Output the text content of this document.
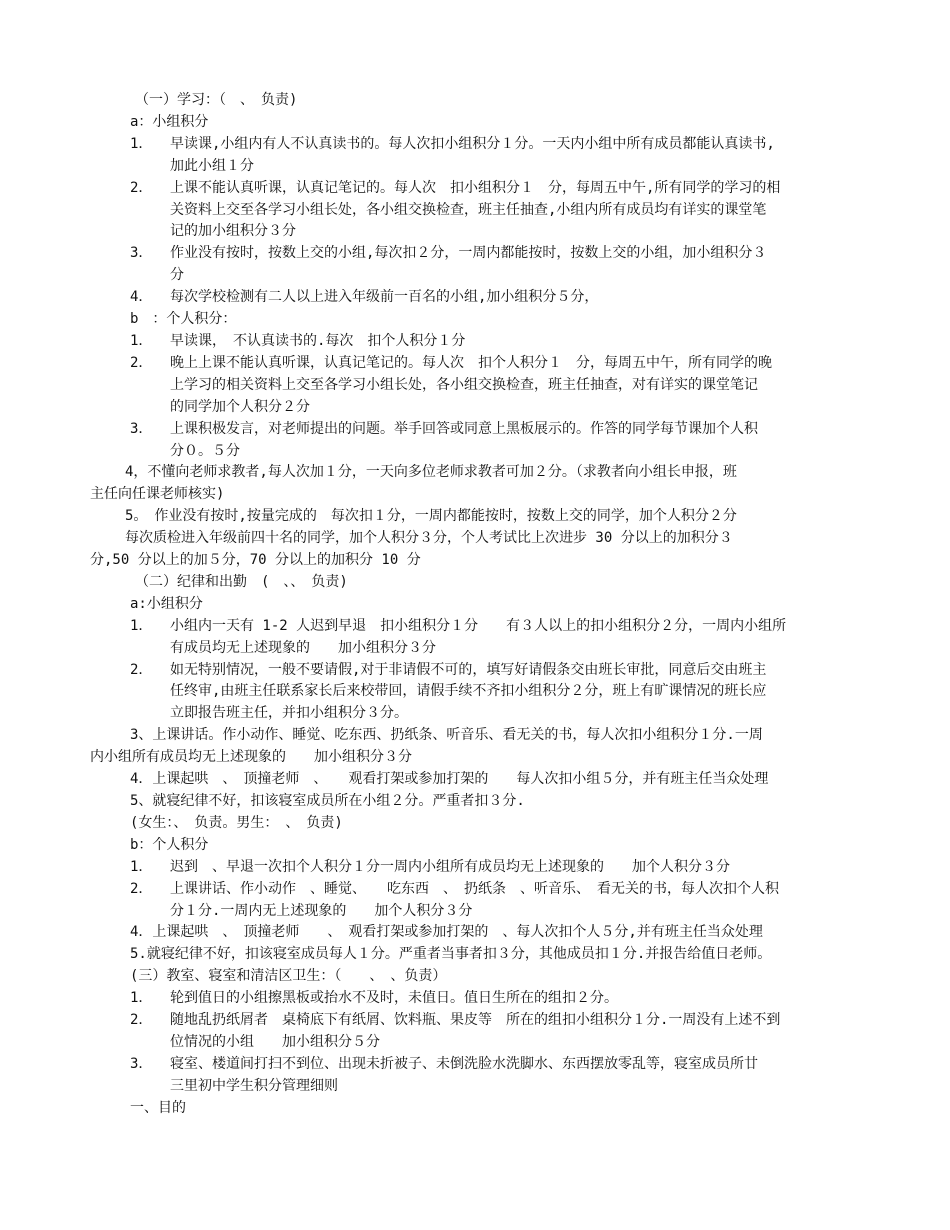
（一）学习：（　、　负责)
a：小组积分
1．	早读课,小组内有人不认真读书的。每人次扣小组积分１分。一天内小组中所有成员都能认真读书,
加此小组１分
2．	上课不能认真听课，认真记笔记的。每人次　扣小组积分１　分，每周五中午,所有同学的学习的相
关资料上交至各学习小组长处，各小组交换检查，班主任抽查,小组内所有成员均有详实的课堂笔
记的加小组积分３分
3．	作业没有按时，按数上交的小组,每次扣２分，一周内都能按时，按数上交的小组，加小组积分３
分
4．	每次学校检测有二人以上进入年级前一百名的小组,加小组积分５分，
b　：个人积分：
1．	早读课，　不认真读书的.每次　扣个人积分１分
2．	晚上上课不能认真听课，认真记笔记的。每人次　扣个人积分１　分，每周五中午，所有同学的晚
上学习的相关资料上交至各学习小组长处，各小组交换检查，班主任抽查，对有详实的课堂笔记
的同学加个人积分２分
3．	上课积极发言，对老师提出的问题。举手回答或同意上黑板展示的。作答的同学每节课加个人积
分０。５分
4，不懂向老师求教者,每人次加１分，一天向多位老师求教者可加２分。（求教者向小组长申报，班
主任向任课老师核实)
5。　作业没有按时,按量完成的　每次扣１分，一周内都能按时，按数上交的同学，加个人积分２分
每次质检进入年级前四十名的同学，加个人积分３分，个人考试比上次进步 30 分以上的加积分３
分,50 分以上的加５分，70 分以上的加积分 10 分
（二）纪律和出勤　(　、、　负责)
a:小组积分
1．	小组内一天有 1-2 人迟到早退　扣小组积分１分　　有３人以上的扣小组积分２分，一周内小组所
有成员均无上述现象的　　加小组积分３分
2．	如无特别情况，一般不要请假,对于非请假不可的，填写好请假条交由班长审批，同意后交由班主
任终审,由班主任联系家长后来校带回，请假手续不齐扣小组积分２分，班上有旷课情况的班长应
立即报告班主任，并扣小组积分３分。
3、上课讲话。作小动作、睡觉、吃东西、扔纸条、听音乐、看无关的书，每人次扣小组积分１分.一周
内小组所有成员均无上述现象的　　加小组积分３分
4．上课起哄　、　顶撞老师　、　　观看打架或参加打架的　　每人次扣小组５分，并有班主任当众处理
5、就寝纪律不好，扣该寝室成员所在小组２分。严重者扣３分.
(女生：、　负责。男生：　、　负责)
b：个人积分
1．	迟到　、早退一次扣个人积分１分一周内小组所有成员均无上述现象的　　加个人积分３分
2．	上课讲话、作小动作　、睡觉、　　吃东西　、　扔纸条　、听音乐、　看无关的书，每人次扣个人积
分１分.一周内无上述现象的　　加个人积分３分
4．上课起哄　、　顶撞老师　　、　观看打架或参加打架的　、每人次扣个人５分,并有班主任当众处理
5.就寝纪律不好，扣该寝室成员每人１分。严重者当事者扣３分，其他成员扣１分.并报告给值日老师。
(三）教室、寝室和清洁区卫生：（　　、　、负责）
1．	轮到值日的小组擦黑板或抬水不及时，未值日。值日生所在的组扣２分。
2．	随地乱扔纸屑者　桌椅底下有纸屑、饮料瓶、果皮等　所在的组扣小组积分１分.一周没有上述不到
位情况的小组　　加小组积分５分
3．	寝室、楼道间打扫不到位、出现未折被子、未倒洗脸水洗脚水、东西摆放零乱等，寝室成员所廿
三里初中学生积分管理细则
一、目的
